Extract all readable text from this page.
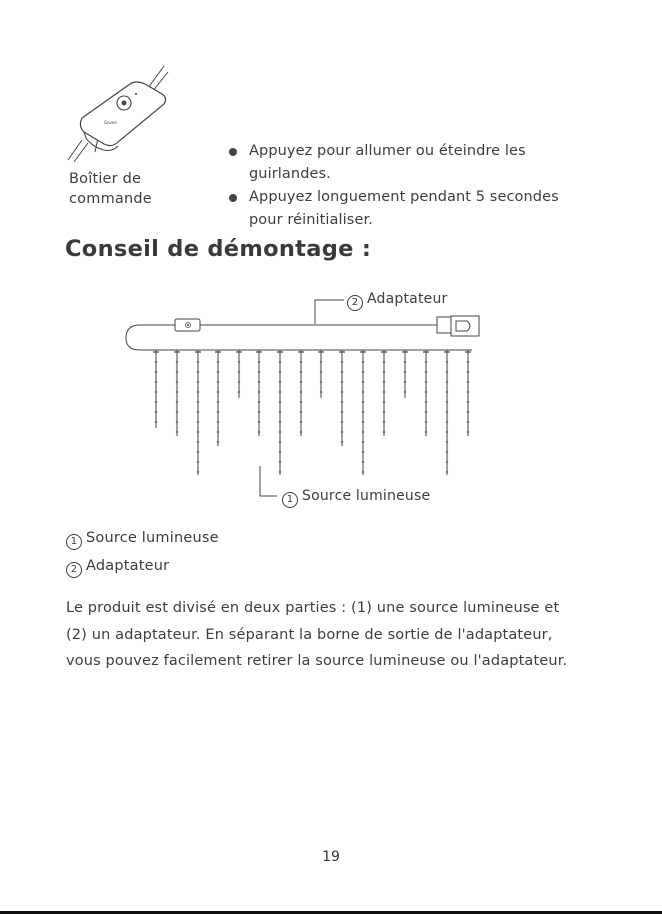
Govee
Boîtier de
commande
Appuyez pour allumer ou éteindre les
guirlandes.
Appuyez longuement pendant 5 secondes
pour réinitialiser.
Conseil de démontage :
2 Adaptateur
1 Source lumineuse
1 Source lumineuse
2 Adaptateur

Le produit est divisé en deux parties : (1) une source lumineuse et

(2) un adaptateur. En séparant la borne de sortie de l'adaptateur,

vous pouvez facilement retirer la source lumineuse ou l'adaptateur.

19
